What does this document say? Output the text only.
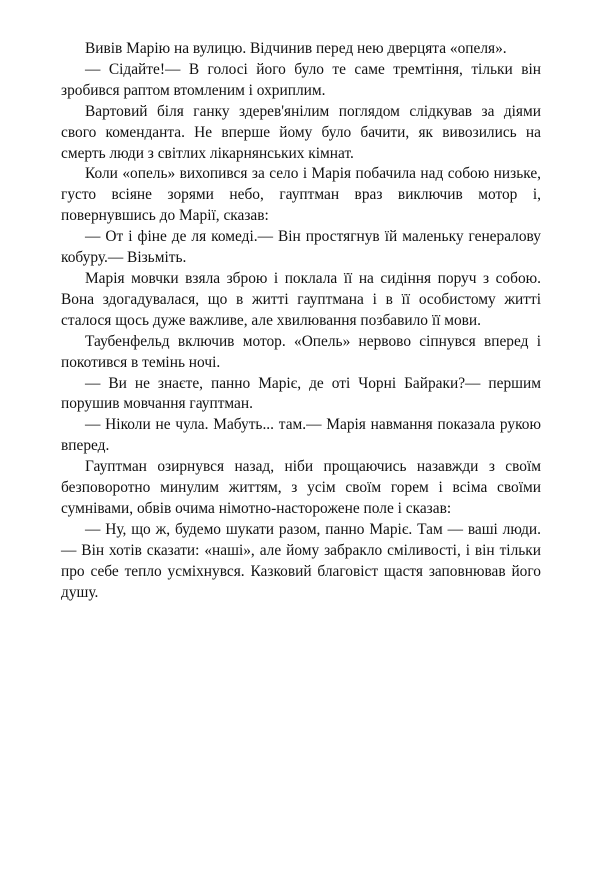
Вивів Марію на вулицю. Відчинив перед нею дверцята «опеля».

— Сідайте!— В голосі його було те саме тремтіння, тільки він зробився раптом втомленим і охриплим.

Вартовий біля ганку здерев'янілим поглядом слідкував за діями свого коменданта. Не вперше йому було бачити, як вивозились на смерть люди з світлих лікарнянських кімнат.

Коли «опель» вихопився за село і Марія побачила над собою низьке, густо всіяне зорями небо, гауптман враз виключив мотор і, повернувшись до Марії, сказав:

— От і фіне де ля комеді.— Він простягнув їй маленьку генералову кобуру.— Візьміть.

Марія мовчки взяла зброю і поклала її на сидіння поруч з собою. Вона здогадувалася, що в житті гауптмана і в її особистому житті сталося щось дуже важливе, але хвилювання позбавило її мови.

Таубенфельд включив мотор. «Опель» нервово сіпнувся вперед і покотився в темінь ночі.

— Ви не знаєте, панно Маріє, де оті Чорні Байраки?— першим порушив мовчання гауптман.

— Ніколи не чула. Мабуть... там.— Марія навмання показала рукою вперед.

Гауптман озирнувся назад, ніби прощаючись назавжди з своїм безповоротно минулим життям, з усім своїм горем і всіма своїми сумнівами, обвів очима німотно-насторожене поле і сказав:

— Ну, що ж, будемо шукати разом, панно Маріє. Там — ваші люди.— Він хотів сказати: «наші», але йому забракло сміливості, і він тільки про себе тепло усміхнувся. Казковий благовіст щастя заповнював його душу.
